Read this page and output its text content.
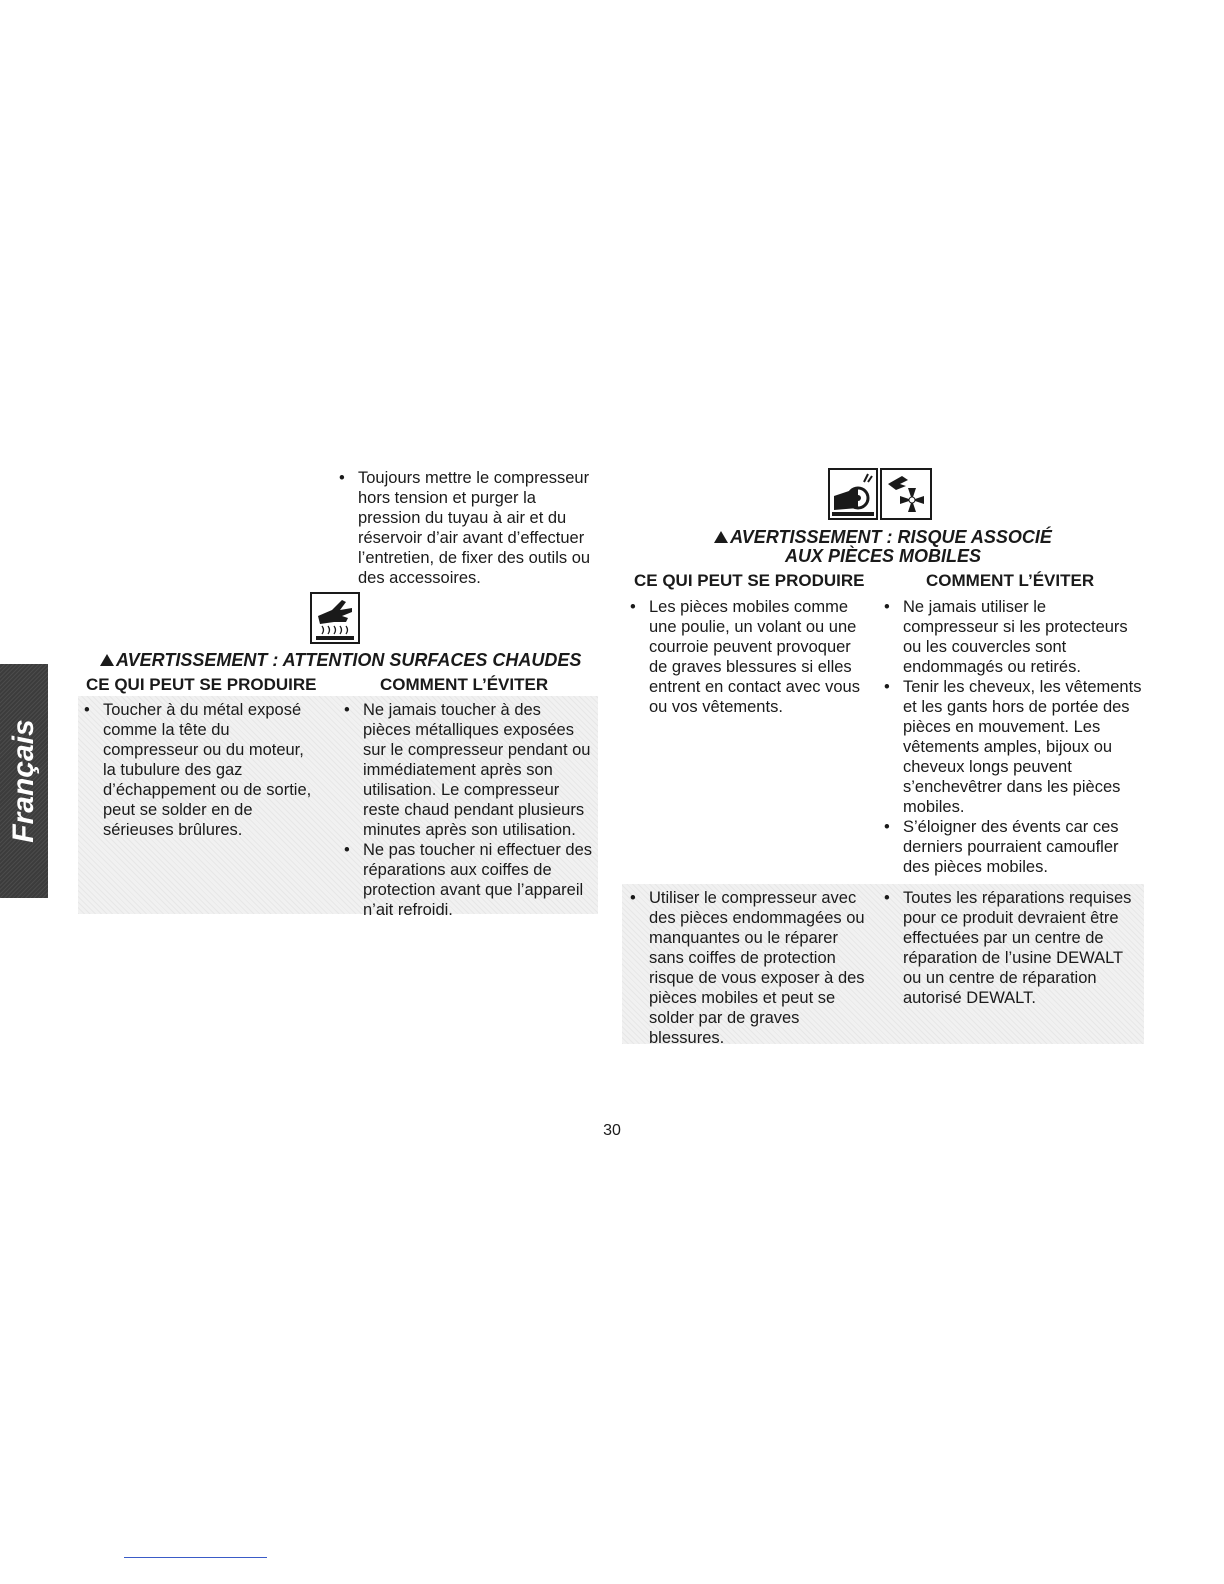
Français
• Toujours mettre le compresseur hors tension et purger la pression du tuyau à air et du réservoir d’air avant d’effectuer l’entretien, de fixer des outils ou des accessoires.
AVERTISSEMENT : ATTENTION SURFACES CHAUDES
CE QUI PEUT SE PRODUIRE	COMMENT L’ÉVITER
• Toucher à du métal exposé comme la tête du compresseur ou du moteur, la tubulure des gaz d’échappement ou de sortie, peut se solder en de sérieuses brûlures.
• Ne jamais toucher à des pièces métalliques exposées sur le compresseur pendant ou immédiatement après son utilisation. Le compresseur reste chaud pendant plusieurs minutes après son utilisation.
• Ne pas toucher ni effectuer des réparations aux coiffes de protection avant que l’appareil n’ait refroidi.
AVERTISSEMENT : RISQUE ASSOCIÉ
AUX PIÈCES MOBILES
CE QUI PEUT SE PRODUIRE	COMMENT L’ÉVITER
• Les pièces mobiles comme une poulie, un volant ou une courroie peuvent provoquer de graves blessures si elles entrent en contact avec vous ou vos vêtements.
• Ne jamais utiliser le compresseur si les protecteurs ou les couvercles sont endommagés ou retirés.
• Tenir les cheveux, les vêtements et les gants hors de portée des pièces en mouvement. Les vêtements amples, bijoux ou cheveux longs peuvent s’enchevêtrer dans les pièces mobiles.
• S’éloigner des évents car ces derniers pourraient camoufler des pièces mobiles.
• Utiliser le compresseur avec des pièces endommagées ou manquantes ou le réparer sans coiffes de protection risque de vous exposer à des pièces mobiles et peut se solder par de graves blessures.
• Toutes les réparations requises pour ce produit devraient être effectuées par un centre de réparation de l’usine DEWALT ou un centre de réparation autorisé DEWALT.
30
